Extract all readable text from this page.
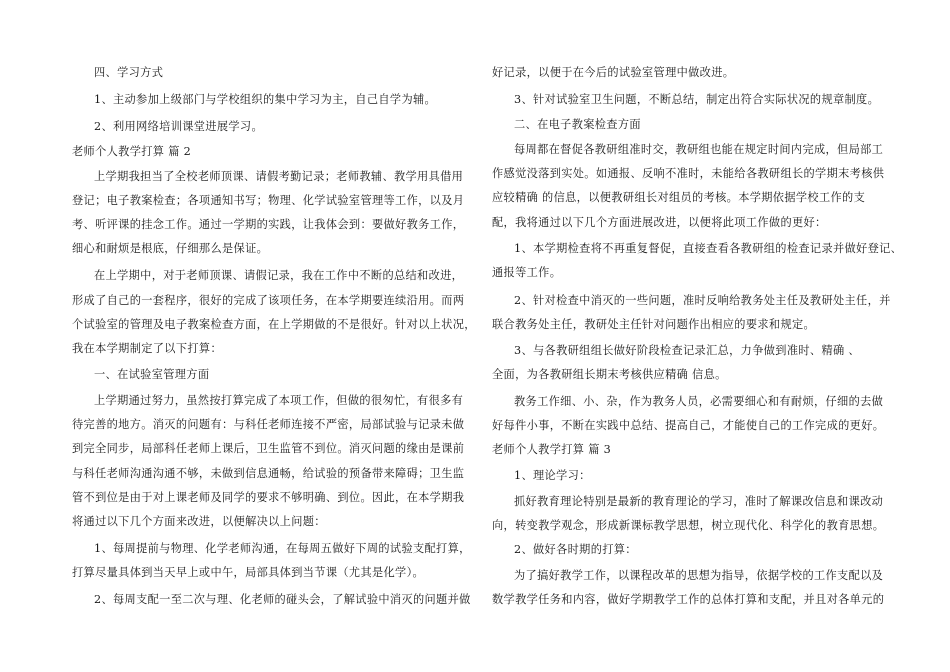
四、学习方式
1、主动参加上级部门与学校组织的集中学习为主，自己自学为辅。
2、利用网络培训课堂进展学习。
老师个人教学打算 篇 2
上学期我担当了全校老师顶课、请假考勤记录；老师教辅、教学用具借用
登记；电子教案检查；各项通知书写；物理、化学试验室管理等工作，以及月
考、听评课的挂念工作。通过一学期的实践，让我体会到：要做好教务工作，
细心和耐烦是根底，仔细那么是保证。
在上学期中，对于老师顶课、请假记录，我在工作中不断的总结和改进，
形成了自己的一套程序，很好的完成了该项任务，在本学期要连续沿用。而两
个试验室的管理及电子教案检查方面，在上学期做的不是很好。针对以上状况，
我在本学期制定了以下打算：
一、在试验室管理方面
上学期通过努力，虽然按打算完成了本项工作，但做的很匆忙，有很多有
待完善的地方。消灭的问题有：与科任老师连接不严密，局部试验与记录未做
到完全同步，局部科任老师上课后，卫生监管不到位。消灭问题的缘由是课前
与科任老师沟通沟通不够，未做到信息通畅，给试验的预备带来障碍；卫生监
管不到位是由于对上课老师及同学的要求不够明确、到位。因此，在本学期我
将通过以下几个方面来改进，以便解决以上问题：
1、每周提前与物理、化学老师沟通，在每周五做好下周的试验支配打算，
打算尽量具体到当天早上或中午，局部具体到当节课（尤其是化学）。
2、每周支配一至二次与理、化老师的碰头会，了解试验中消灭的问题并做
好记录，以便于在今后的试验室管理中做改进。
3、针对试验室卫生问题，不断总结，制定出符合实际状况的规章制度。
二、在电子教案检查方面
每周都在督促各教研组准时交，教研组也能在规定时间内完成，但局部工
作感觉没落到实处。如通报、反响不准时，未能给各教研组长的学期末考核供
应较精确 的信息，以便教研组长对组员的考核。本学期依据学校工作的支
配，我将通过以下几个方面进展改进，以便将此项工作做的更好：
1、本学期检查将不再重复督促，直接查看各教研组的检查记录并做好登记、
通报等工作。
2、针对检查中消灭的一些问题，准时反响给教务处主任及教研处主任，并
联合教务处主任，教研处主任针对问题作出相应的要求和规定。
3、与各教研组组长做好阶段检查记录汇总，力争做到准时、精确 、
全面，为各教研组长期末考核供应精确 信息。
教务工作细、小、杂，作为教务人员，必需要细心和有耐烦，仔细的去做
好每件小事，不断在实践中总结、提高自己，才能使自己的工作完成的更好。
老师个人教学打算 篇 3
1、理论学习：
抓好教育理论特别是最新的教育理论的学习，准时了解课改信息和课改动
向，转变教学观念，形成新课标教学思想，树立现代化、科学化的教育思想。
2、做好各时期的打算：
为了搞好教学工作，以课程改革的思想为指导，依据学校的工作支配以及
数学教学任务和内容，做好学期教学工作的总体打算和支配，并且对各单元的
